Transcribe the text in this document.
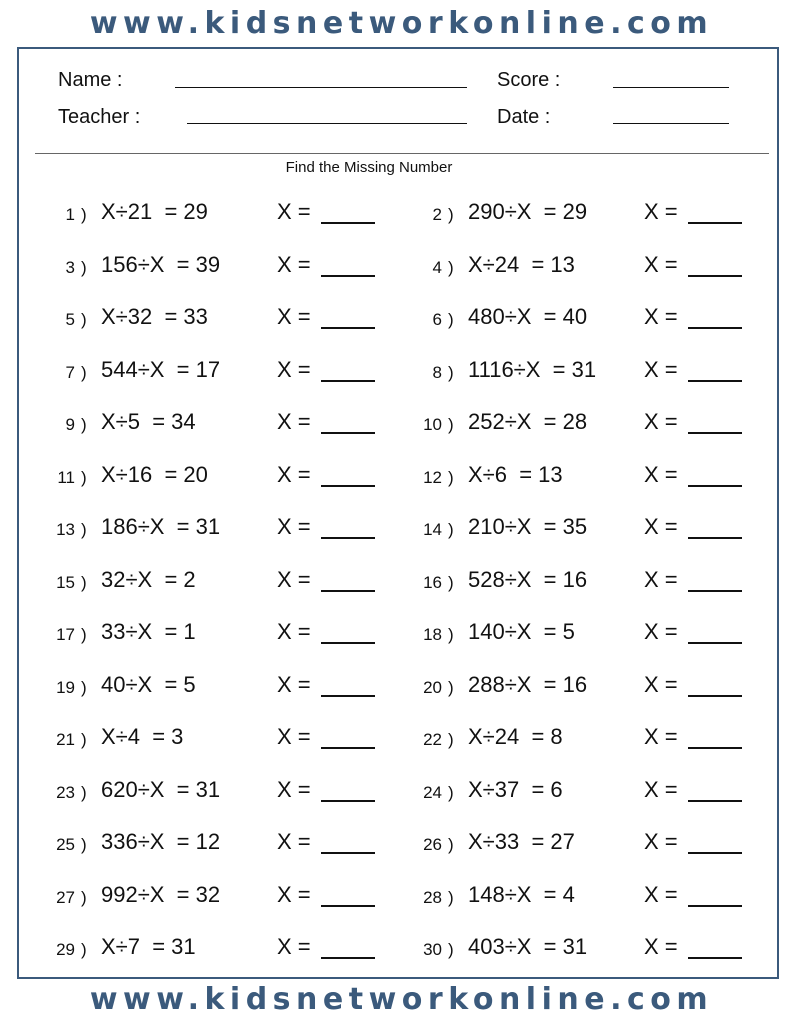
www.kidsnetworkonline.com
Name :	Score :
Teacher :	Date :
Find the Missing Number
1 ) X÷21  = 29	X =	2 ) 290÷X  = 29	X =
3 ) 156÷X  = 39	X =	4 ) X÷24  = 13	X =
5 ) X÷32  = 33	X =	6 ) 480÷X  = 40	X =
7 ) 544÷X  = 17	X =	8 ) 1116÷X  = 31 X =
9 ) X÷5  = 34	X =	10 ) 252÷X  = 28	X =
11 ) X÷16  = 20	X =	12 ) X÷6  = 13	X =
13 ) 186÷X  = 31	X =	14 ) 210÷X  = 35	X =
15 ) 32÷X  = 2	X =	16 ) 528÷X  = 16	X =
17 ) 33÷X  = 1	X =	18 ) 140÷X  = 5	X =
19 ) 40÷X  = 5	X =	20 ) 288÷X  = 16	X =
21 ) X÷4  = 3	X =	22 ) X÷24  = 8	X =
23 ) 620÷X  = 31	X =	24 ) X÷37  = 6	X =
25 ) 336÷X  = 12	X =	26 ) X÷33  = 27	X =
27 ) 992÷X  = 32	X =	28 ) 148÷X  = 4	X =
29 ) X÷7  = 31	X =	30 ) 403÷X  = 31	X =
www.kidsnetworkonline.com
